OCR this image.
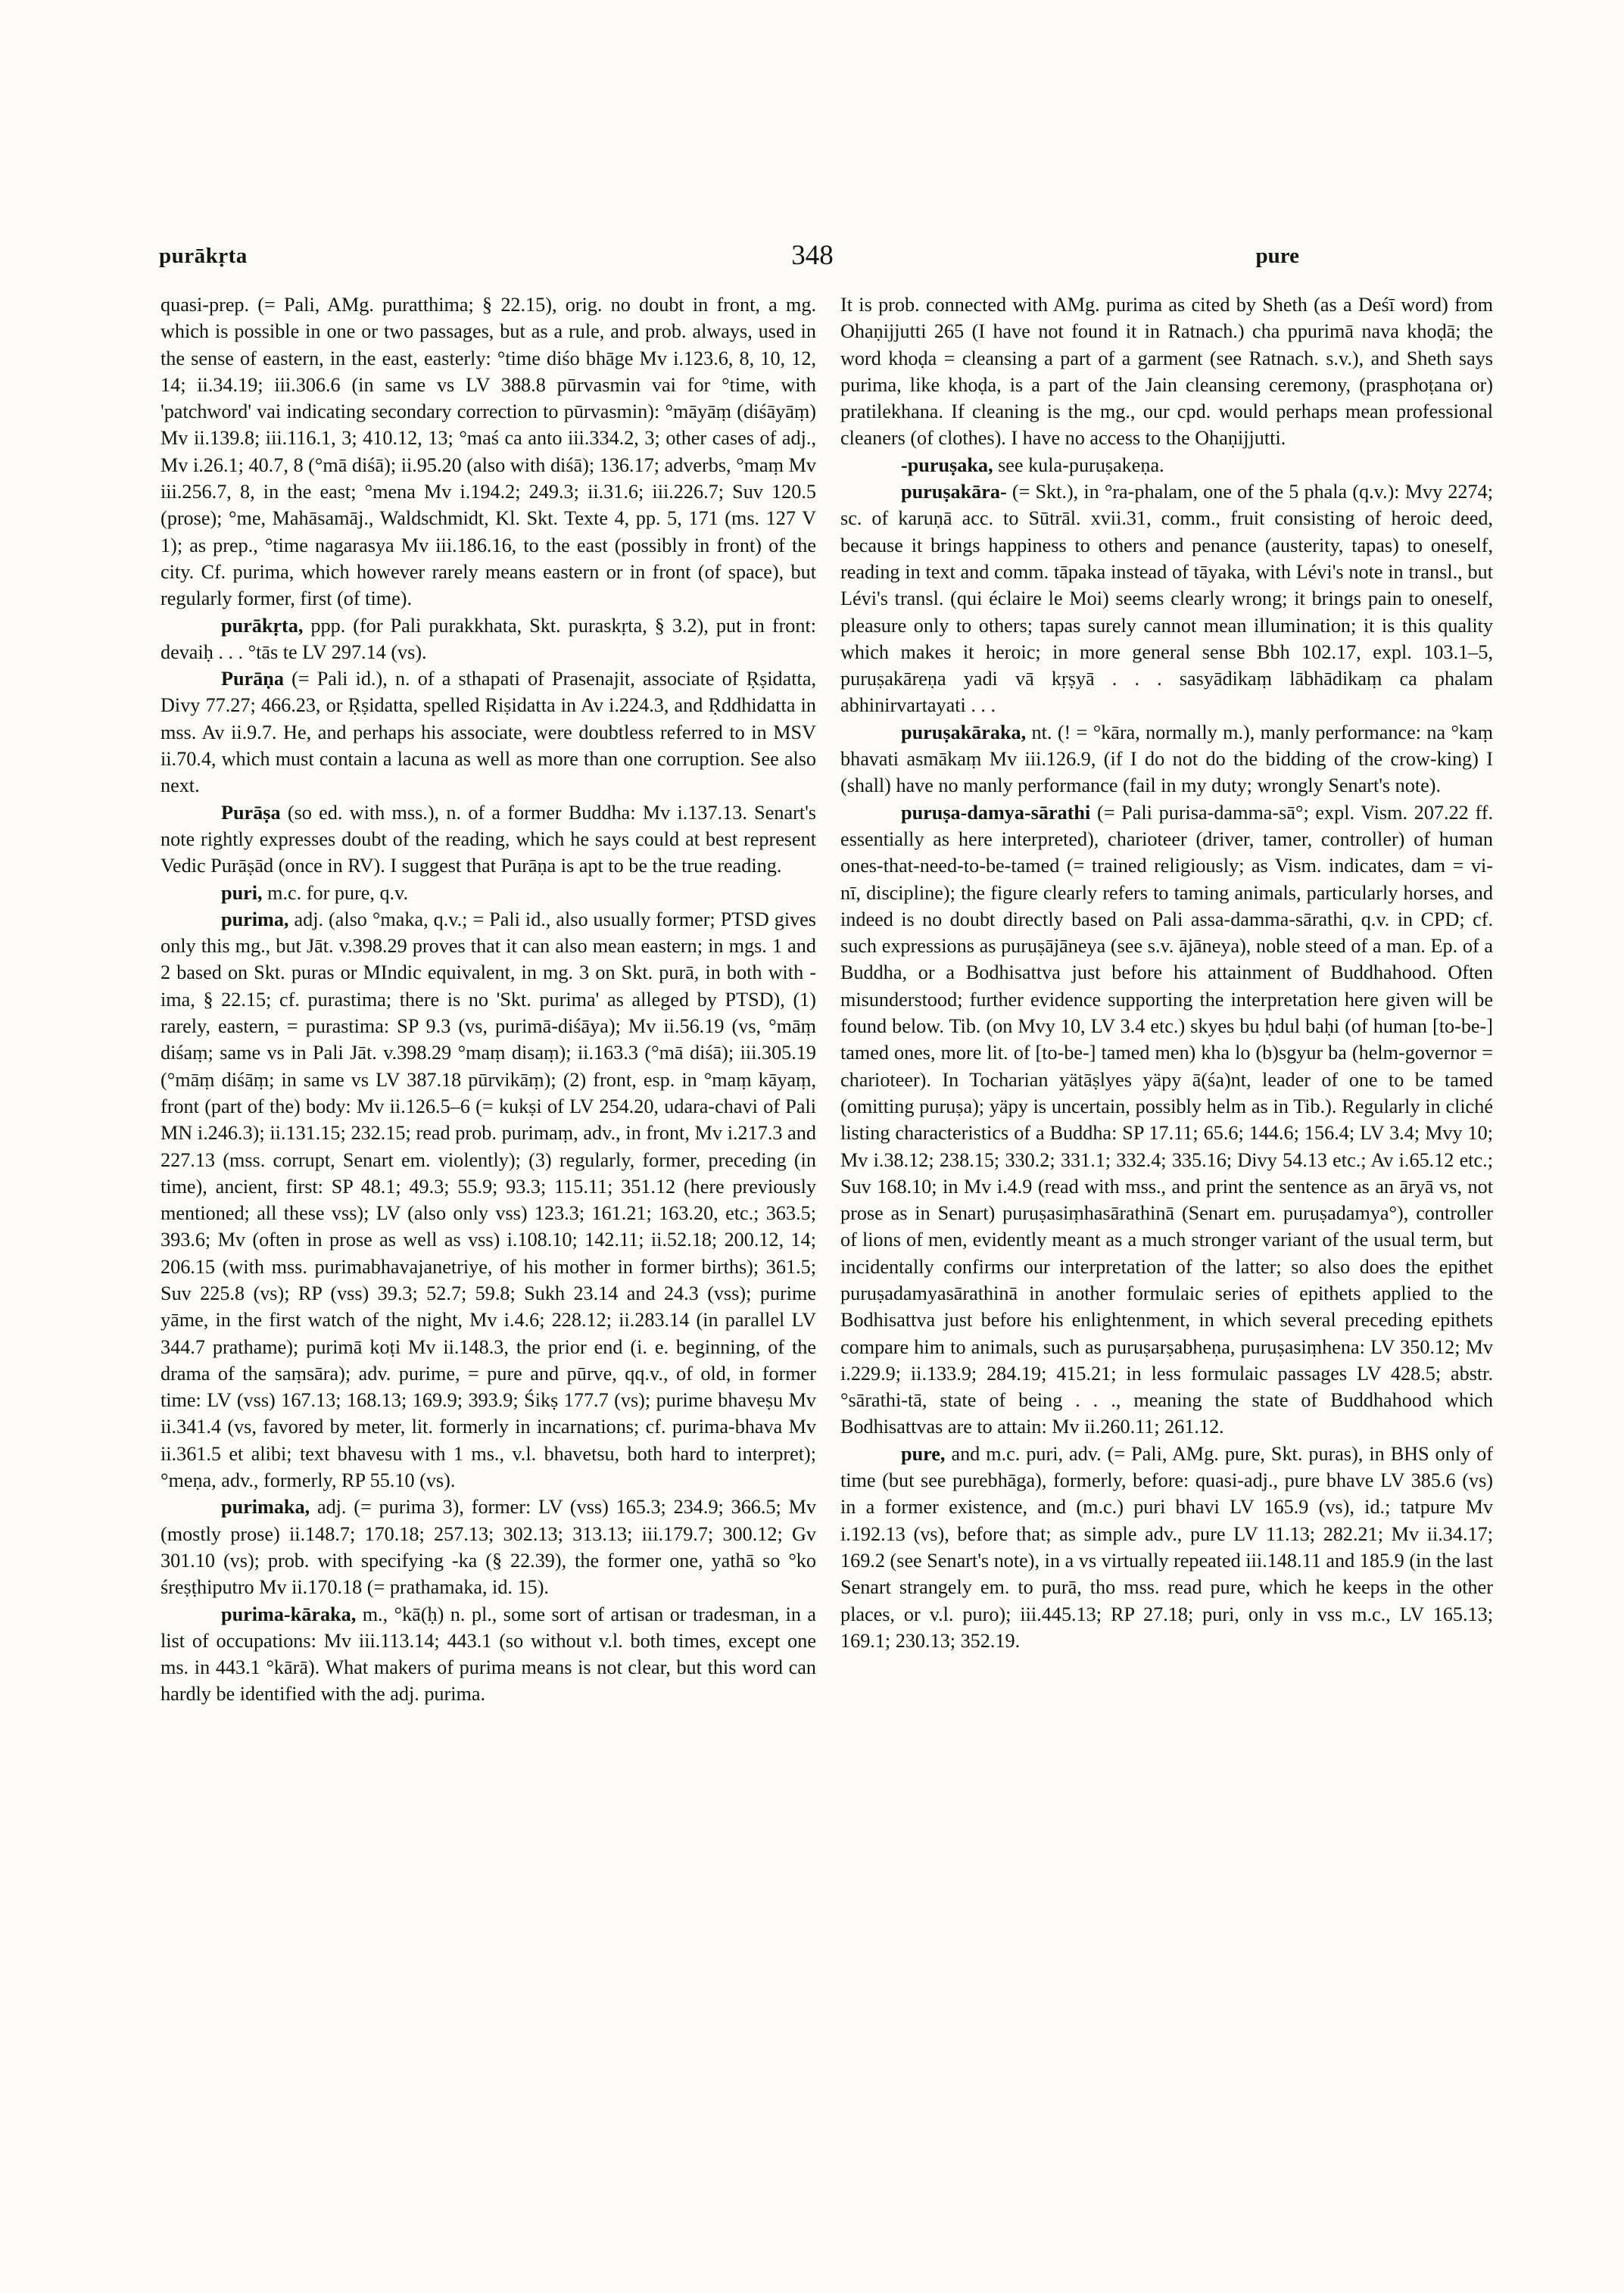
purākṛta	348	pure

quasi-prep. (= Pali, AMg. puratthima; § 22.15), orig. no doubt in front, a mg. which is possible in one or two passages, but as a rule, and prob. always, used in the sense of eastern, in the east, easterly: °time diśo bhāge Mv i.123.6, 8, 10, 12, 14; ii.34.19; iii.306.6 (in same vs LV 388.8 pūrvasmin vai for °time, with 'patchword' vai indicating secondary correction to pūrvasmin): °māyāṃ (diśāyāṃ) Mv ii.139.8; iii.116.1, 3; 410.12, 13; °maś ca anto iii.334.2, 3; other cases of adj., Mv i.26.1; 40.7, 8 (°mā diśā); ii.95.20 (also with diśā); 136.17; adverbs, °maṃ Mv iii.256.7, 8, in the east; °mena Mv i.194.2; 249.3; ii.31.6; iii.226.7; Suv 120.5 (prose); °me, Mahāsamāj., Waldschmidt, Kl. Skt. Texte 4, pp. 5, 171 (ms. 127 V 1); as prep., °time nagarasya Mv iii.186.16, to the east (possibly in front) of the city. Cf. purima, which however rarely means eastern or in front (of space), but regularly former, first (of time).

purākṛta, ppp. (for Pali purakkhata, Skt. puraskṛta, § 3.2), put in front: devaiḥ . . . °tās te LV 297.14 (vs).

Purāṇa (= Pali id.), n. of a sthapati of Prasenajit, associate of Ṛṣidatta, Divy 77.27; 466.23, or Ṛṣidatta, spelled Riṣidatta in Av i.224.3, and Ṛddhidatta in mss. Av ii.9.7. He, and perhaps his associate, were doubtless referred to in MSV ii.70.4, which must contain a lacuna as well as more than one corruption. See also next.

Purāṣa (so ed. with mss.), n. of a former Buddha: Mv i.137.13. Senart's note rightly expresses doubt of the reading, which he says could at best represent Vedic Purāṣād (once in RV). I suggest that Purāṇa is apt to be the true reading.

puri, m.c. for pure, q.v.

purima, adj. (also °maka, q.v.; = Pali id., also usually former; PTSD gives only this mg., but Jāt. v.398.29 proves that it can also mean eastern; in mgs. 1 and 2 based on Skt. puras or MIndic equivalent, in mg. 3 on Skt. purā, in both with -ima, § 22.15; cf. purastima; there is no 'Skt. purima' as alleged by PTSD), (1) rarely, eastern, = purastima: SP 9.3 (vs, purimā-diśāya); Mv ii.56.19 (vs, °māṃ diśaṃ; same vs in Pali Jāt. v.398.29 °maṃ disaṃ); ii.163.3 (°mā diśā); iii.305.19 (°māṃ diśāṃ; in same vs LV 387.18 pūrvikāṃ); (2) front, esp. in °maṃ kāyaṃ, front (part of the) body: Mv ii.126.5–6 (= kukṣi of LV 254.20, udara-chavi of Pali MN i.246.3); ii.131.15; 232.15; read prob. purimaṃ, adv., in front, Mv i.217.3 and 227.13 (mss. corrupt, Senart em. violently); (3) regularly, former, preceding (in time), ancient, first: SP 48.1; 49.3; 55.9; 93.3; 115.11; 351.12 (here previously mentioned; all these vss); LV (also only vss) 123.3; 161.21; 163.20, etc.; 363.5; 393.6; Mv (often in prose as well as vss) i.108.10; 142.11; ii.52.18; 200.12, 14; 206.15 (with mss. purimabhavajanetriye, of his mother in former births); 361.5; Suv 225.8 (vs); RP (vss) 39.3; 52.7; 59.8; Sukh 23.14 and 24.3 (vss); purime yāme, in the first watch of the night, Mv i.4.6; 228.12; ii.283.14 (in parallel LV 344.7 prathame); purimā koṭi Mv ii.148.3, the prior end (i. e. beginning, of the drama of the saṃsāra); adv. purime, = pure and pūrve, qq.v., of old, in former time: LV (vss) 167.13; 168.13; 169.9; 393.9; Śikṣ 177.7 (vs); purime bhaveṣu Mv ii.341.4 (vs, favored by meter, lit. formerly in incarnations; cf. purima-bhava Mv ii.361.5 et alibi; text bhavesu with 1 ms., v.l. bhavetsu, both hard to interpret); °meṇa, adv., formerly, RP 55.10 (vs).

purimaka, adj. (= purima 3), former: LV (vss) 165.3; 234.9; 366.5; Mv (mostly prose) ii.148.7; 170.18; 257.13; 302.13; 313.13; iii.179.7; 300.12; Gv 301.10 (vs); prob. with specifying -ka (§ 22.39), the former one, yathā so °ko śreṣṭhiputro Mv ii.170.18 (= prathamaka, id. 15).

purima-kāraka, m., °kā(ḥ) n. pl., some sort of artisan or tradesman, in a list of occupations: Mv iii.113.14; 443.1 (so without v.l. both times, except one ms. in 443.1 °kārā). What makers of purima means is not clear, but this word can hardly be identified with the adj. purima.

It is prob. connected with AMg. purima as cited by Sheth (as a Deśī word) from Ohaṇijjutti 265 (I have not found it in Ratnach.) cha ppurimā nava khoḍā; the word khoḍa = cleansing a part of a garment (see Ratnach. s.v.), and Sheth says purima, like khoḍa, is a part of the Jain cleansing ceremony, (prasphoṭana or) pratilekhana. If cleaning is the mg., our cpd. would perhaps mean professional cleaners (of clothes). I have no access to the Ohaṇijjutti.

-puruṣaka, see kula-puruṣakeṇa.

puruṣakāra- (= Skt.), in °ra-phalam, one of the 5 phala (q.v.): Mvy 2274; sc. of karuṇā acc. to Sūtrāl. xvii.31, comm., fruit consisting of heroic deed, because it brings happiness to others and penance (austerity, tapas) to oneself, reading in text and comm. tāpaka instead of tāyaka, with Lévi's note in transl., but Lévi's transl. (qui éclaire le Moi) seems clearly wrong; it brings pain to oneself, pleasure only to others; tapas surely cannot mean illumination; it is this quality which makes it heroic; in more general sense Bbh 102.17, expl. 103.1–5, puruṣakāreṇa yadi vā kṛṣyā . . . sasyādikaṃ lābhādikaṃ ca phalam abhinirvartayati . . .

puruṣakāraka, nt. (! = °kāra, normally m.), manly performance: na °kaṃ bhavati asmākaṃ Mv iii.126.9, (if I do not do the bidding of the crow-king) I (shall) have no manly performance (fail in my duty; wrongly Senart's note).

puruṣa-damya-sārathi (= Pali purisa-damma-sā°; expl. Vism. 207.22 ff. essentially as here interpreted), charioteer (driver, tamer, controller) of human ones-that-need-to-be-tamed (= trained religiously; as Vism. indicates, dam = vi-nī, discipline); the figure clearly refers to taming animals, particularly horses, and indeed is no doubt directly based on Pali assa-damma-sārathi, q.v. in CPD; cf. such expressions as puruṣājāneya (see s.v. ājāneya), noble steed of a man. Ep. of a Buddha, or a Bodhisattva just before his attainment of Buddhahood. Often misunderstood; further evidence supporting the interpretation here given will be found below. Tib. (on Mvy 10, LV 3.4 etc.) skyes bu ḥdul baḥi (of human [to-be-] tamed ones, more lit. of [to-be-] tamed men) kha lo (b)sgyur ba (helm-governor = charioteer). In Tocharian yätāṣlyes yäpy ā(śa)nt, leader of one to be tamed (omitting puruṣa); yäpy is uncertain, possibly helm as in Tib.). Regularly in cliché listing characteristics of a Buddha: SP 17.11; 65.6; 144.6; 156.4; LV 3.4; Mvy 10; Mv i.38.12; 238.15; 330.2; 331.1; 332.4; 335.16; Divy 54.13 etc.; Av i.65.12 etc.; Suv 168.10; in Mv i.4.9 (read with mss., and print the sentence as an āryā vs, not prose as in Senart) puruṣasiṃhasārathinā (Senart em. puruṣadamya°), controller of lions of men, evidently meant as a much stronger variant of the usual term, but incidentally confirms our interpretation of the latter; so also does the epithet puruṣadamyasārathinā in another formulaic series of epithets applied to the Bodhisattva just before his enlightenment, in which several preceding epithets compare him to animals, such as puruṣarṣabheṇa, puruṣasiṃhena: LV 350.12; Mv i.229.9; ii.133.9; 284.19; 415.21; in less formulaic passages LV 428.5; abstr. °sārathi-tā, state of being . . ., meaning the state of Buddhahood which Bodhisattvas are to attain: Mv ii.260.11; 261.12.

pure, and m.c. puri, adv. (= Pali, AMg. pure, Skt. puras), in BHS only of time (but see purebhāga), formerly, before: quasi-adj., pure bhave LV 385.6 (vs) in a former existence, and (m.c.) puri bhavi LV 165.9 (vs), id.; tatpure Mv i.192.13 (vs), before that; as simple adv., pure LV 11.13; 282.21; Mv ii.34.17; 169.2 (see Senart's note), in a vs virtually repeated iii.148.11 and 185.9 (in the last Senart strangely em. to purā, tho mss. read pure, which he keeps in the other places, or v.l. puro); iii.445.13; RP 27.18; puri, only in vss m.c., LV 165.13; 169.1; 230.13; 352.19.
